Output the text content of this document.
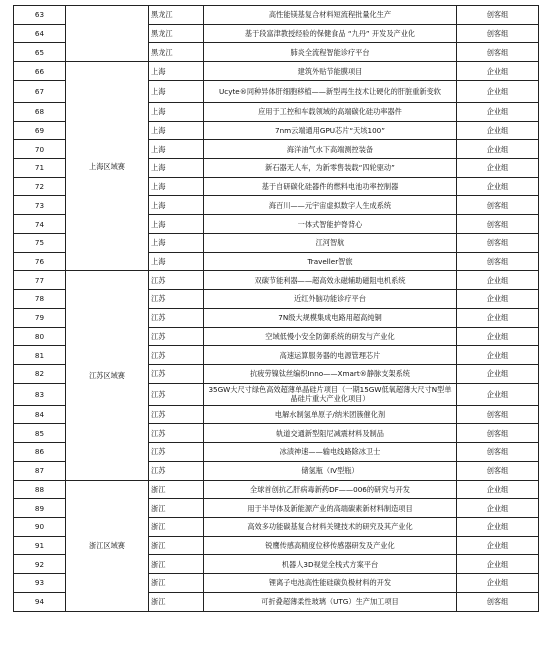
63		黑龙江	高性能镁基复合材料短流程批量化生产	创客组
64		黑龙江	基于段富津教授经验的保健食品 “九丹” 开发及产业化	创客组
65		黑龙江	肺炎全流程智能诊疗平台	创客组
66	上海区域赛	上海	建筑外贴节能膜项目	企业组
67		上海	Ucyte®同种异体肝细胞移植——新型再生技术让硬化的肝脏重新变软	企业组
68		上海	应用于工控和车载领域的高端碳化硅功率器件	企业组
69		上海	7nm云端通用GPU芯片“天垓100”	企业组
70		上海	海洋油气水下高端测控装备	企业组
71		上海	新石器无人车，为新零售装载“四轮驱动”	企业组
72		上海	基于自研碳化硅器件的燃料电池功率控制器	企业组
73		上海	海百川——元宇宙虚拟数字人生成系统	创客组
74		上海	一体式智能护脊背心	创客组
75		上海	江河智航	创客组
76		上海	Traveller智旅	创客组
77	江苏区域赛	江苏	双碳节能利器——超高效永磁辅助磁阻电机系统	企业组
78		江苏	近红外脑功能诊疗平台	企业组
79		江苏	7N级大规模集成电路用超高纯铜	企业组
80		江苏	空域低慢小安全防御系统的研发与产业化	企业组
81		江苏	高速运算服务器的电源管理芯片	企业组
82		江苏	抗疲劳镍钛丝编织Inno——Xmart®静脉支架系统	企业组
83		江苏	35GW大尺寸绿色高效超薄单晶硅片项目（一期15GW低氧超薄大尺寸N型单晶硅片重大产业化项目）	企业组
84		江苏	电解水制氢单原子/纳米团簇催化剂	创客组
85		江苏	轨道交通新型阻尼减震材料及制品	创客组
86		江苏	冰渍神速——输电线路除冰卫士	创客组
87		江苏	储氢瓶（IV型瓶）	创客组
88	浙江区域赛	浙江	全球首创抗乙肝病毒新药DF——006的研究与开发	企业组
89		浙江	用于半导体及新能源产业的高端碳素新材料制造项目	企业组
90		浙江	高效多功能碳基复合材料关键技术的研究及其产业化	企业组
91		浙江	锐鹰传感高精度位移传感器研发及产业化	企业组
92		浙江	机器人3D视觉全栈式方案平台	企业组
93		浙江	锂离子电池高性能硅碳负极材料的开发	企业组
94		浙江	可折叠超薄柔性玻璃（UTG）生产加工项目	创客组
